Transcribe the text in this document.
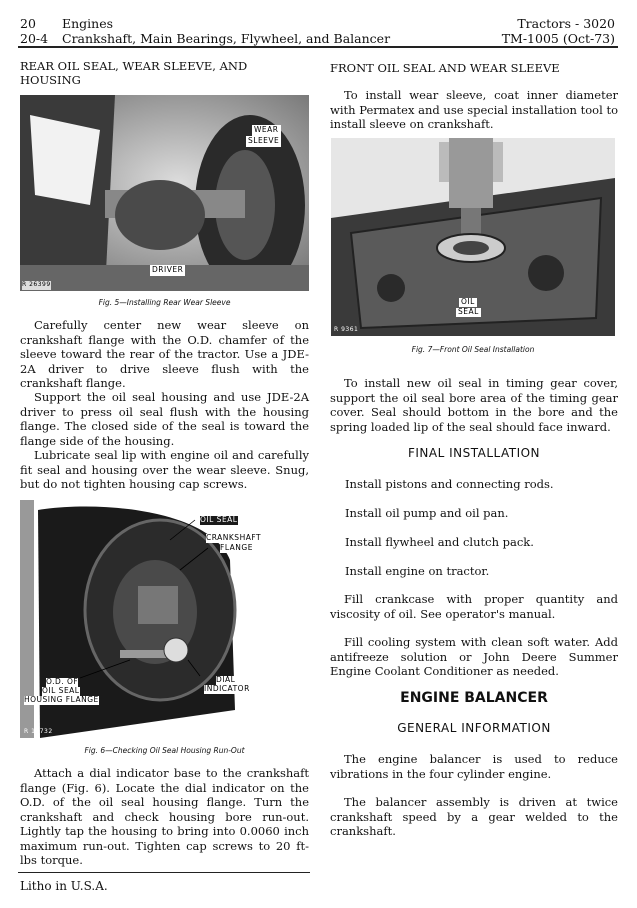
20 Engines
20-4 Crankshaft, Main Bearings, Flywheel, and Balancer
Tractors - 3020
TM-1005 (Oct-73)
REAR OIL SEAL, WEAR SLEEVE, AND HOUSING
WEAR
SLEEVE
DRIVER
R 26399
Fig. 5—Installing Rear Wear Sleeve

Carefully center new wear sleeve on crankshaft flange with the O.D. chamfer of the sleeve toward the rear of the tractor. Use a JDE-2A driver to drive sleeve flush with the crankshaft flange.

Support the oil seal housing and use JDE-2A driver to press oil seal flush with the housing flange. The closed side of the seal is toward the flange side of the housing.

Lubricate seal lip with engine oil and carefully fit seal and housing over the wear sleeve. Snug, but do not tighten housing cap screws.

OIL SEAL
CRANKSHAFT
FLANGE
O.D. OF
OIL SEAL
HOUSING FLANGE
DIAL
INDICATOR
R 16732
Fig. 6—Checking Oil Seal Housing Run-Out

Attach a dial indicator base to the crankshaft flange (Fig. 6). Locate the dial indicator on the O.D. of the oil seal housing flange. Turn the crankshaft and check housing bore run-out. Lightly tap the housing to bring into 0.0060 inch maximum run-out. Tighten cap screws to 20 ft-lbs torque.

FRONT OIL SEAL AND WEAR SLEEVE

To install wear sleeve, coat inner diameter with Permatex and use special installation tool to install sleeve on crankshaft.

OIL
SEAL
R 9361
Fig. 7—Front Oil Seal Installation

To install new oil seal in timing gear cover, support the oil seal bore area of the timing gear cover. Seal should bottom in the bore and the spring loaded lip of the seal should face inward.

FINAL INSTALLATION
Install pistons and connecting rods.
Install oil pump and oil pan.
Install flywheel and clutch pack.
Install engine on tractor.

Fill crankcase with proper quantity and viscosity of oil. See operator's manual.

Fill cooling system with clean soft water. Add antifreeze solution or John Deere Summer Engine Coolant Conditioner as needed.

ENGINE BALANCER
GENERAL INFORMATION

The engine balancer is used to reduce vibrations in the four cylinder engine.

The balancer assembly is driven at twice crankshaft speed by a gear welded to the crankshaft.

Litho in U.S.A.
